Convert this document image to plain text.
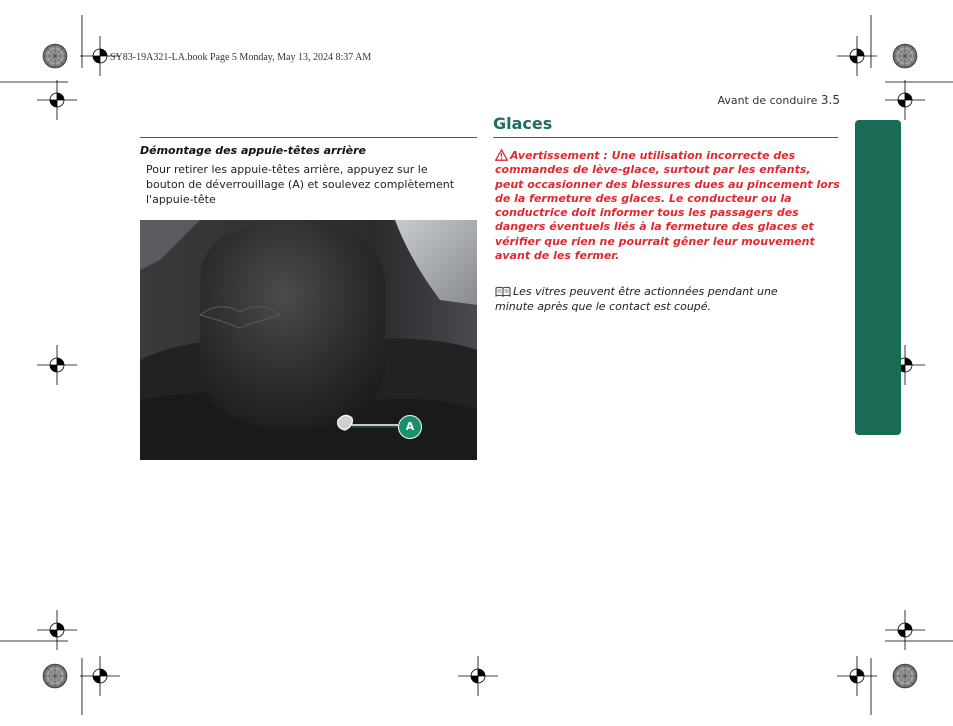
SY83-19A321-LA.book Page 5 Monday, May 13, 2024 8:37 AM
Avant de conduire 3.5
Démontage des appuie-têtes arrière
Pour retirer les appuie-têtes arrière, appuyez sur le
bouton de déverrouillage (A) et soulevez complètement
l'appuie-tête
A
Glaces
Avertissement : Une utilisation incorrecte des
commandes de lève-glace, surtout par les enfants,
peut occasionner des blessures dues au pincement lors
de la fermeture des glaces. Le conducteur ou la
conductrice doit informer tous les passagers des
dangers éventuels liés à la fermeture des glaces et
vérifier que rien ne pourrait gêner leur mouvement
avant de les fermer.
Les vitres peuvent être actionnées pendant une
minute après que le contact est coupé.
